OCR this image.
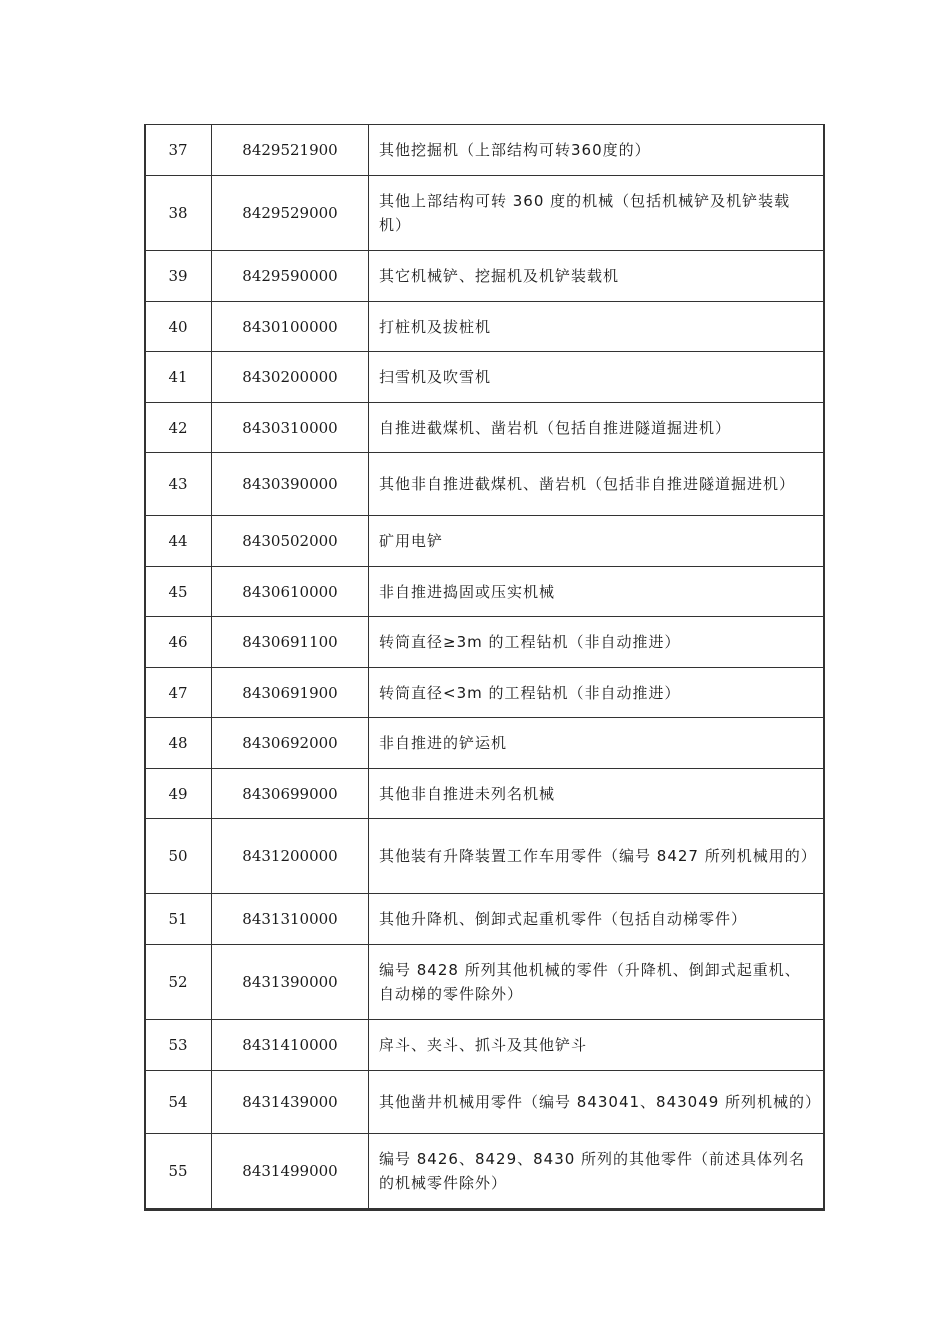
37	8429521900	其他挖掘机（上部结构可转360度的）
38	8429529000	其他上部结构可转 360 度的机械（包括机械铲及机铲装载机）
39	8429590000	其它机械铲、挖掘机及机铲装载机
40	8430100000	打桩机及拔桩机
41	8430200000	扫雪机及吹雪机
42	8430310000	自推进截煤机、凿岩机（包括自推进隧道掘进机）
43	8430390000	其他非自推进截煤机、凿岩机（包括非自推进隧道掘进机）
44	8430502000	矿用电铲
45	8430610000	非自推进捣固或压实机械
46	8430691100	转筒直径≥3m 的工程钻机（非自动推进）
47	8430691900	转筒直径<3m 的工程钻机（非自动推进）
48	8430692000	非自推进的铲运机
49	8430699000	其他非自推进未列名机械
50	8431200000	其他装有升降装置工作车用零件（编号 8427 所列机械用的）
51	8431310000	其他升降机、倒卸式起重机零件（包括自动梯零件）
52	8431390000	编号 8428 所列其他机械的零件（升降机、倒卸式起重机、自动梯的零件除外）
53	8431410000	戽斗、夹斗、抓斗及其他铲斗
54	8431439000	其他凿井机械用零件（编号 843041、843049 所列机械的）
55	8431499000	编号 8426、8429、8430 所列的其他零件（前述具体列名的机械零件除外）
